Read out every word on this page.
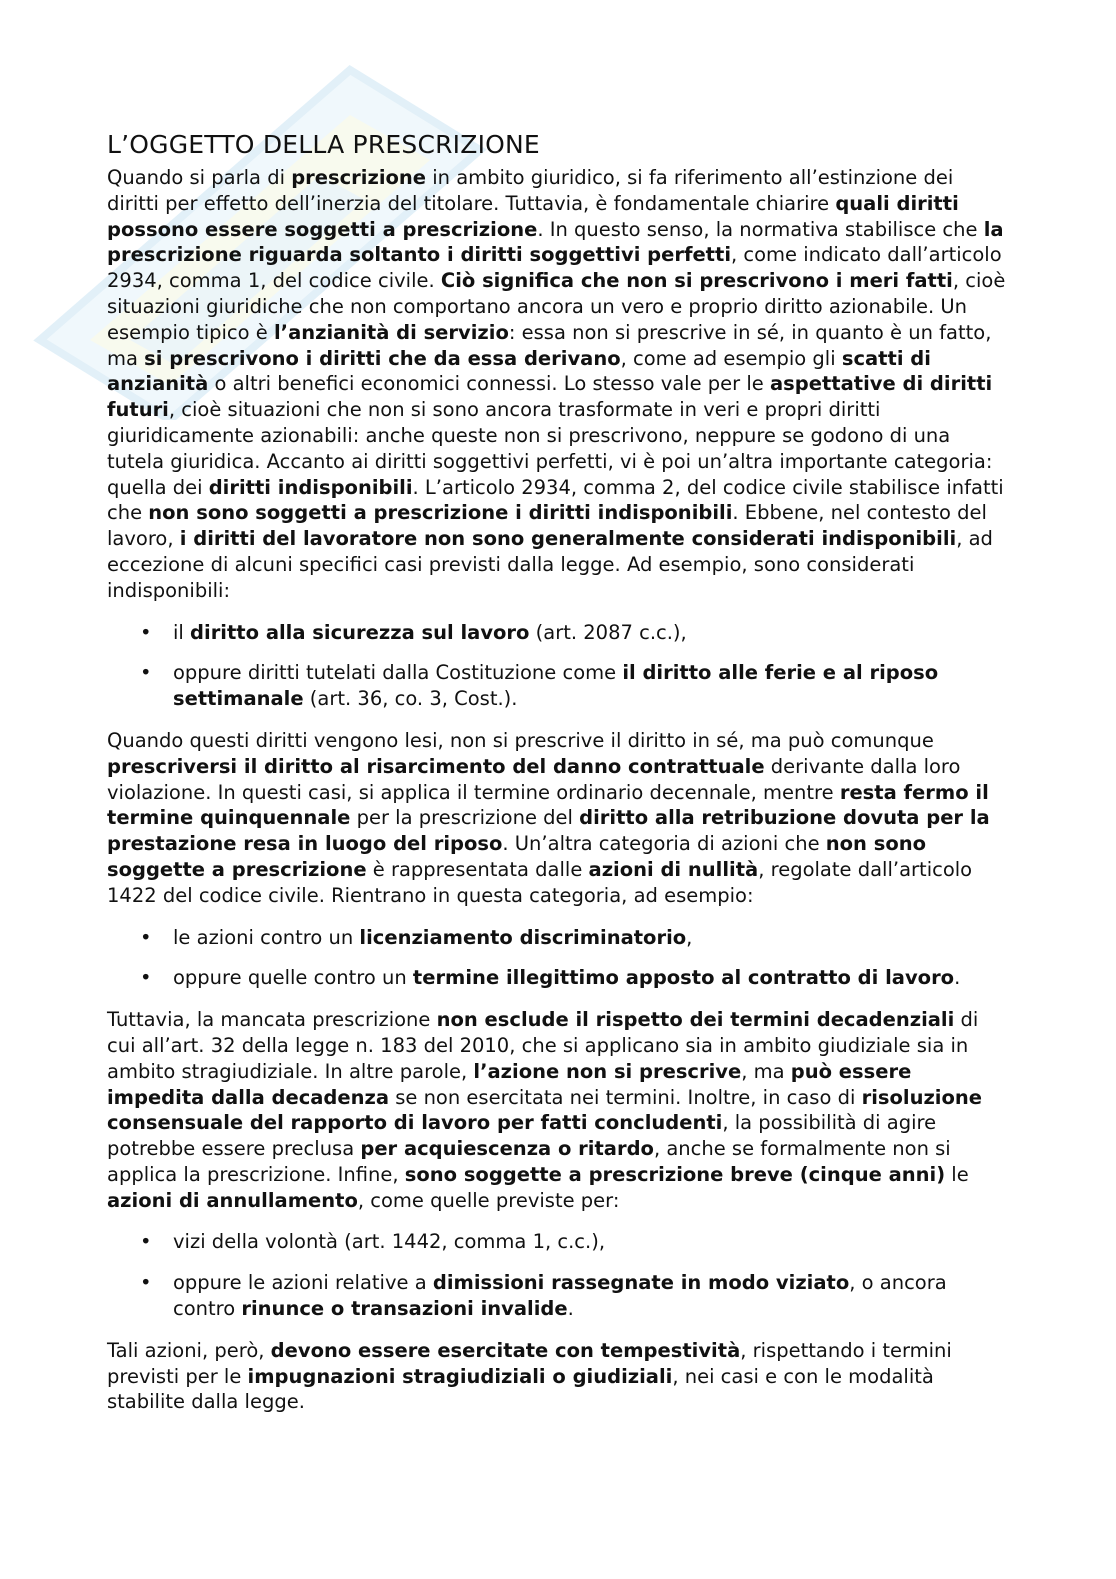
L’OGGETTO DELLA PRESCRIZIONE

Quando si parla di prescrizione in ambito giuridico, si fa riferimento all’estinzione dei diritti per effetto dell’inerzia del titolare. Tuttavia, è fondamentale chiarire quali diritti possono essere soggetti a prescrizione. In questo senso, la normativa stabilisce che la prescrizione riguarda soltanto i diritti soggettivi perfetti, come indicato dall’articolo 2934, comma 1, del codice civile. Ciò significa che non si prescrivono i meri fatti, cioè situazioni giuridiche che non comportano ancora un vero e proprio diritto azionabile. Un esempio tipico è l’anzianità di servizio: essa non si prescrive in sé, in quanto è un fatto, ma si prescrivono i diritti che da essa derivano, come ad esempio gli scatti di anzianità o altri benefici economici connessi. Lo stesso vale per le aspettative di diritti futuri, cioè situazioni che non si sono ancora trasformate in veri e propri diritti giuridicamente azionabili: anche queste non si prescrivono, neppure se godono di una tutela giuridica. Accanto ai diritti soggettivi perfetti, vi è poi un’altra importante categoria: quella dei diritti indisponibili. L’articolo 2934, comma 2, del codice civile stabilisce infatti che non sono soggetti a prescrizione i diritti indisponibili. Ebbene, nel contesto del lavoro, i diritti del lavoratore non sono generalmente considerati indisponibili, ad eccezione di alcuni specifici casi previsti dalla legge. Ad esempio, sono considerati indisponibili:

• il diritto alla sicurezza sul lavoro (art. 2087 c.c.),
• oppure diritti tutelati dalla Costituzione come il diritto alle ferie e al riposo settimanale (art. 36, co. 3, Cost.).

Quando questi diritti vengono lesi, non si prescrive il diritto in sé, ma può comunque prescriversi il diritto al risarcimento del danno contrattuale derivante dalla loro violazione. In questi casi, si applica il termine ordinario decennale, mentre resta fermo il termine quinquennale per la prescrizione del diritto alla retribuzione dovuta per la prestazione resa in luogo del riposo. Un’altra categoria di azioni che non sono soggette a prescrizione è rappresentata dalle azioni di nullità, regolate dall’articolo 1422 del codice civile. Rientrano in questa categoria, ad esempio:

• le azioni contro un licenziamento discriminatorio,
• oppure quelle contro un termine illegittimo apposto al contratto di lavoro.

Tuttavia, la mancata prescrizione non esclude il rispetto dei termini decadenziali di cui all’art. 32 della legge n. 183 del 2010, che si applicano sia in ambito giudiziale sia in ambito stragiudiziale. In altre parole, l’azione non si prescrive, ma può essere impedita dalla decadenza se non esercitata nei termini. Inoltre, in caso di risoluzione consensuale del rapporto di lavoro per fatti concludenti, la possibilità di agire potrebbe essere preclusa per acquiescenza o ritardo, anche se formalmente non si applica la prescrizione. Infine, sono soggette a prescrizione breve (cinque anni) le azioni di annullamento, come quelle previste per:

• vizi della volontà (art. 1442, comma 1, c.c.),
• oppure le azioni relative a dimissioni rassegnate in modo viziato, o ancora contro rinunce o transazioni invalide.

Tali azioni, però, devono essere esercitate con tempestività, rispettando i termini previsti per le impugnazioni stragiudiziali o giudiziali, nei casi e con le modalità stabilite dalla legge.
